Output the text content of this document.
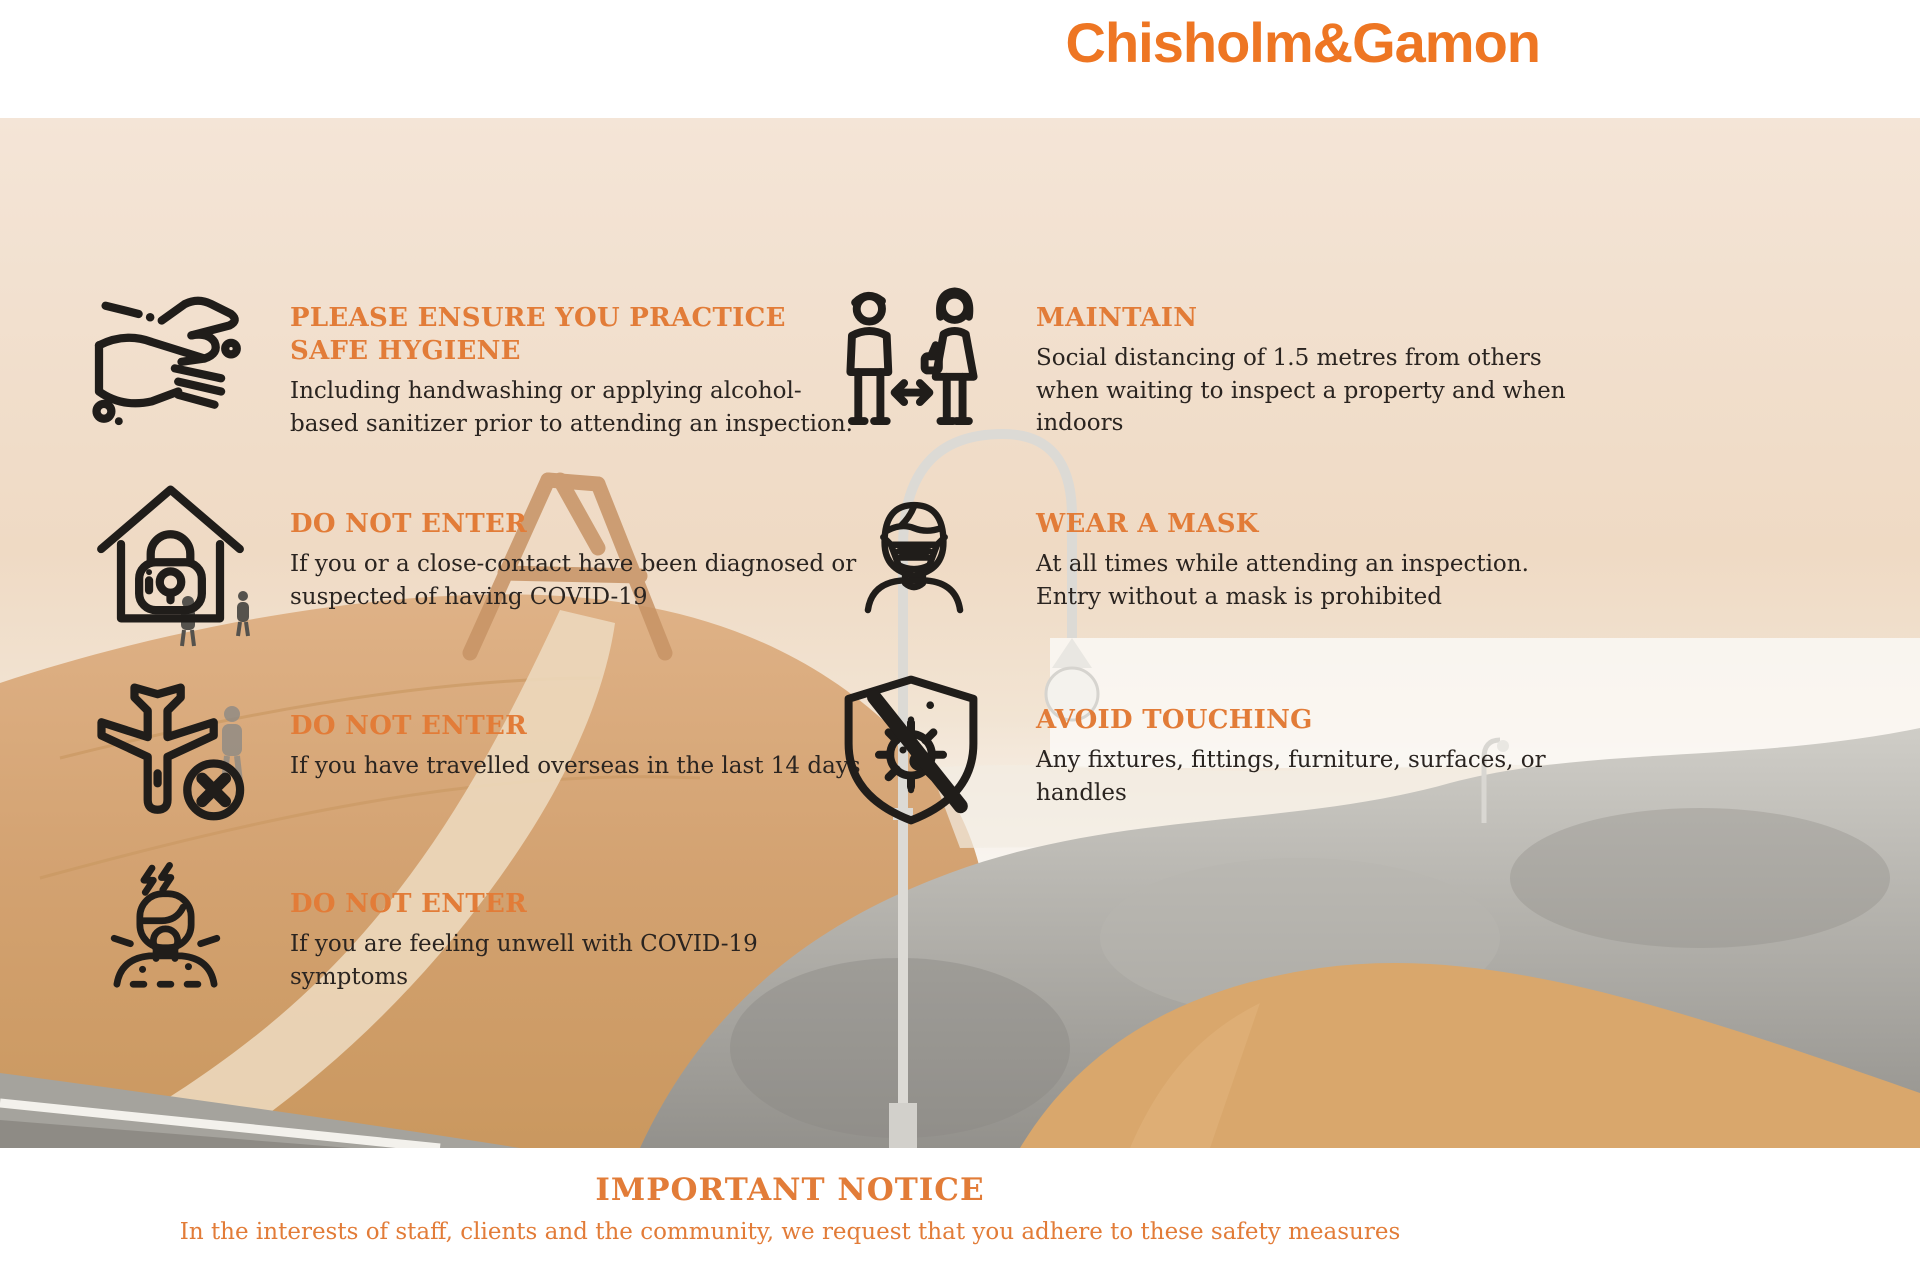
Chisholm&Gamon
PLEASE ENSURE YOU PRACTICE SAFE HYGIENE

Including handwashing or applying alcohol-based sanitizer prior to attending an inspection.

DO NOT ENTER

If you or a close-contact have been diagnosed or suspected of having COVID-19

DO NOT ENTER

If you have travelled overseas in the last 14 days

DO NOT ENTER

If you are feeling unwell with COVID-19 symptoms

MAINTAIN

Social distancing of 1.5 metres from others when waiting to inspect a property and when indoors

WEAR A MASK

At all times while attending an inspection. Entry without a mask is prohibited

AVOID TOUCHING

Any fixtures, fittings, furniture, surfaces, or handles

IMPORTANT NOTICE
In the interests of staff, clients and the community, we request that you adhere to these safety measures
